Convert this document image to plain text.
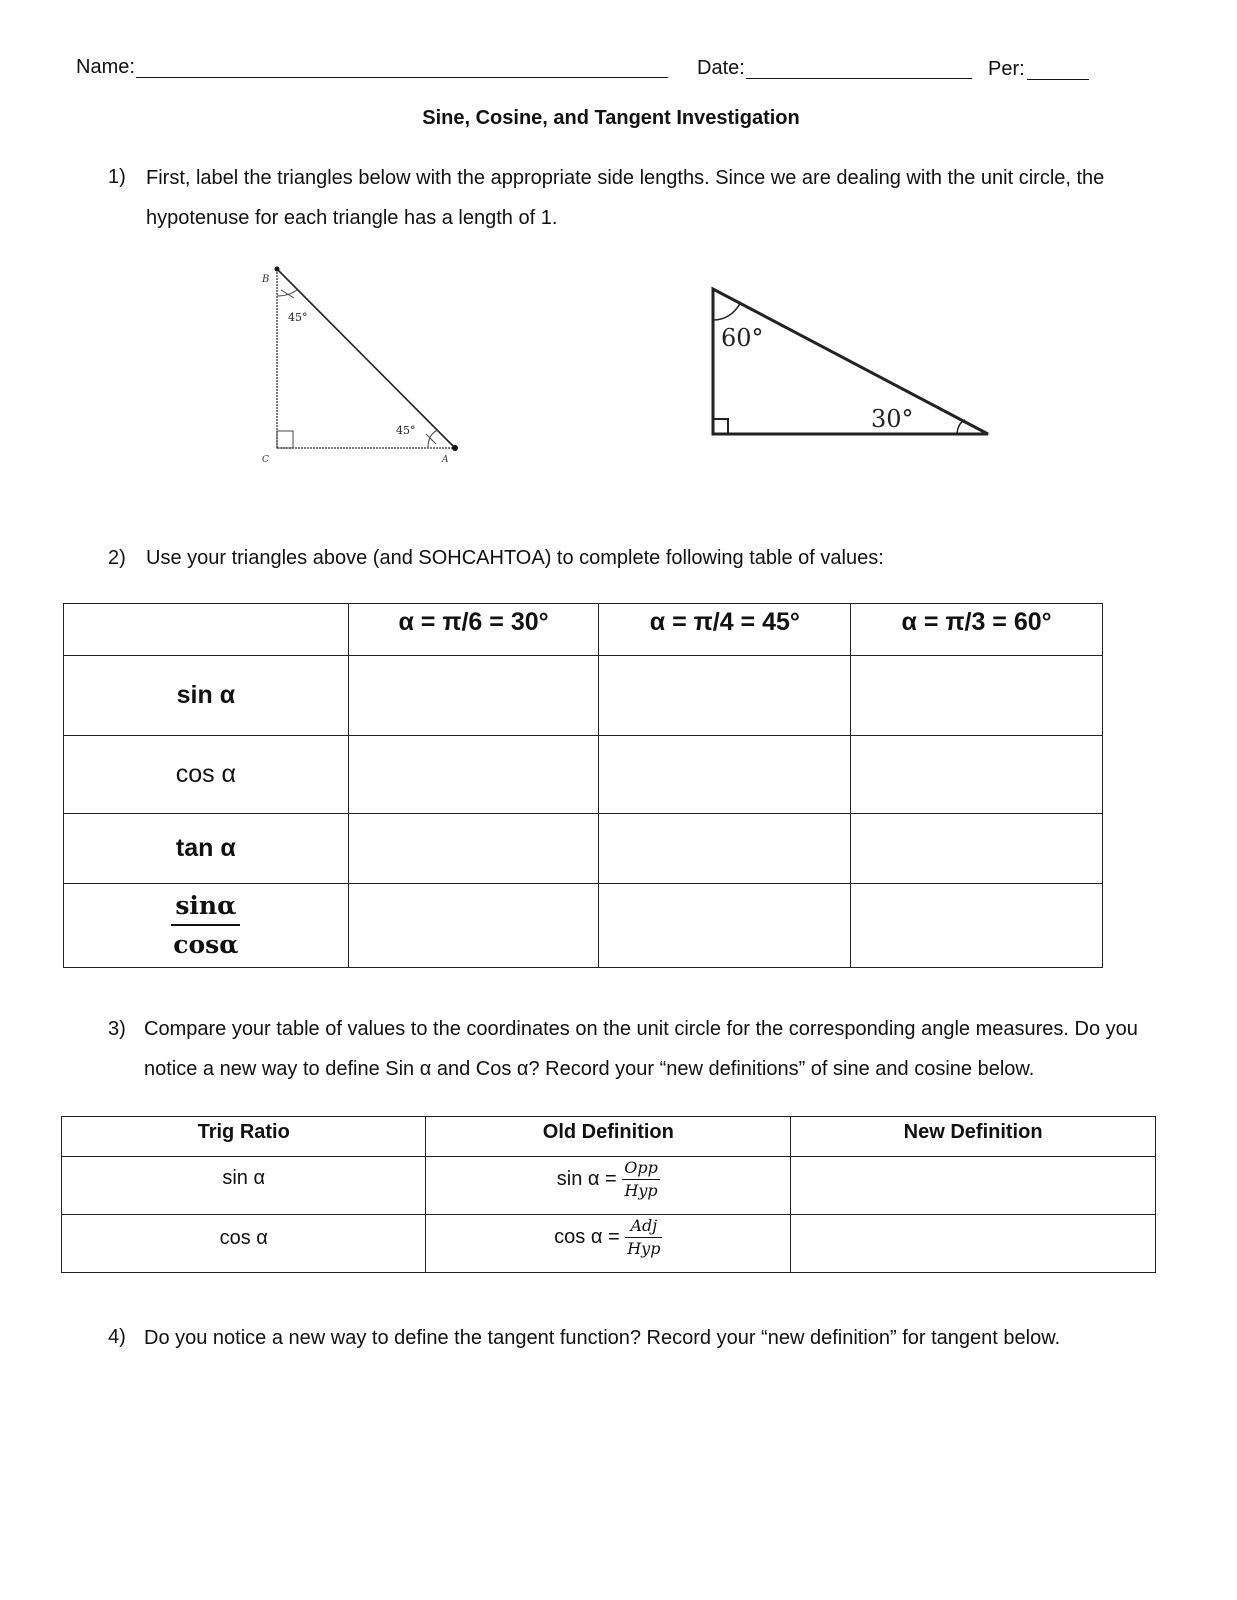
Name:	Date:	Per:
Sine, Cosine, and Tangent Investigation
1) First, label the triangles below with the appropriate side lengths. Since we are dealing with the unit circle, the
hypotenuse for each triangle has a length of 1.
B
C	A
45°
45°
60°
30°
2) Use your triangles above (and SOHCAHTOA) to complete following table of values:
	α = π/6 = 30°	α = π/4 = 45°	α = π/3 = 60°
sin α			
cos α			
tan α			

$\frac{\sin\alpha}{\cos\alpha}$

3) Compare your table of values to the coordinates on the unit circle for the corresponding angle measures. Do you
notice a new way to define Sin α and Cos α? Record your “new definitions” of sine and cosine below.
Trig Ratio	Old Definition	New Definition
sin α	$\sin \alpha = \frac{\text{Opp}}{\text{Hyp}}$

cos α	$\cos \alpha = \frac{\text{Adj}}{\text{Hyp}}$

4) Do you notice a new way to define the tangent function? Record your “new definition” for tangent below.
